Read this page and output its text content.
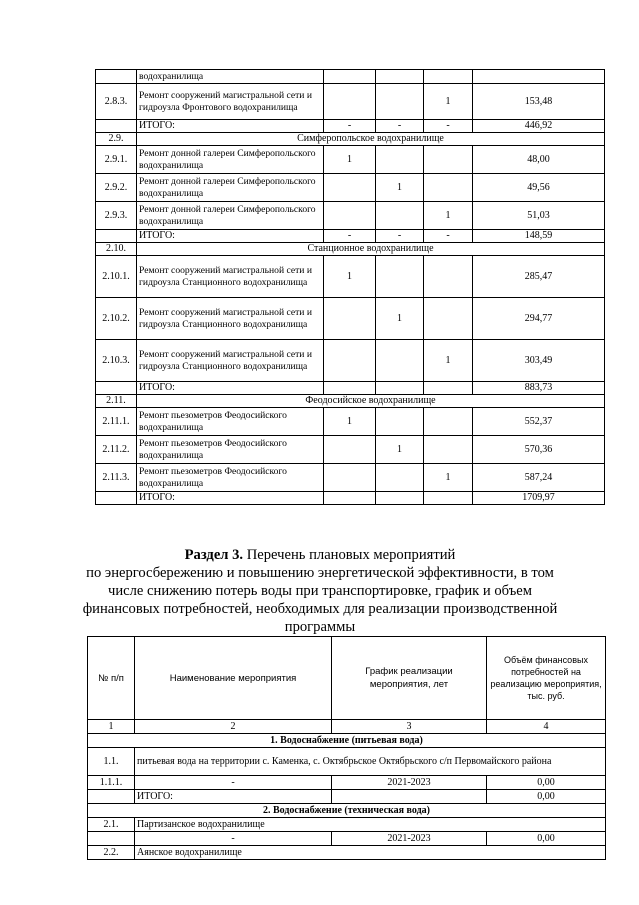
	водохранилища				
2.8.3.	Ремонт сооружений магистральной сети и гидроузла Фронтового водохранилища			1	153,48
	ИТОГО:	-	-	-	446,92
2.9.	Симферопольское водохранилище				
2.9.1.	Ремонт донной галереи Симферопольского водохранилища	1			48,00
2.9.2.	Ремонт донной галереи Симферопольского водохранилища		1		49,56
2.9.3.	Ремонт донной галереи Симферопольского водохранилища			1	51,03
	ИТОГО:	-	-	-	148,59
2.10.	Станционное водохранилище				
2.10.1.	Ремонт сооружений магистральной сети и гидроузла Станционного водохранилища	1			285,47
2.10.2.	Ремонт сооружений магистральной сети и гидроузла Станционного водохранилища		1		294,77
2.10.3.	Ремонт сооружений магистральной сети и гидроузла Станционного водохранилища			1	303,49
	ИТОГО:				883,73
2.11.	Феодосийское водохранилище				
2.11.1.	Ремонт пьезометров Феодосийского водохранилища	1			552,37
2.11.2.	Ремонт пьезометров Феодосийского водохранилища		1		570,36
2.11.3.	Ремонт пьезометров Феодосийского водохранилища			1	587,24
	ИТОГО:				1709,97
Раздел 3. Перечень плановых мероприятий
по энергосбережению и повышению энергетической эффективности, в том
числе снижению потерь воды при транспортировке, график и объем
финансовых потребностей, необходимых для реализации производственной
программы
№ п/п	Наименование мероприятия	График реализации мероприятия, лет	Объём финансовых потребностей на реализацию мероприятия, тыс. руб.
1	2	3	4
1. Водоснабжение (питьевая вода)			
1.1.	питьевая вода на территории с. Каменка, с. Октябрьское Октябрьского с/п Первомайского района		
1.1.1.	-	2021-2023	0,00
	ИТОГО:		0,00
2. Водоснабжение (техническая вода)			
2.1.	Партизанское водохранилище		
	-	2021-2023	0,00
2.2.	Аянское водохранилище		
